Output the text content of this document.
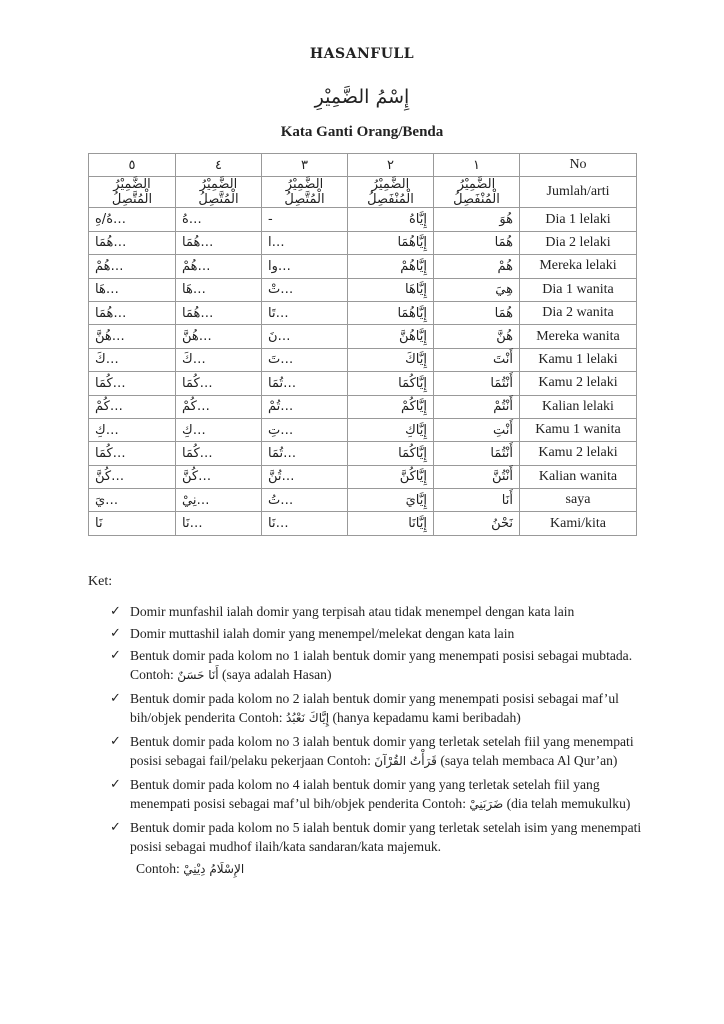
HASANFULL
إِسْمُ الضَّمِيْرِ
Kata Ganti Orang/Benda
٥	٤	٣	٢	١	No
الضَّمِيْرُ الْمُتَّصِلُ	الضَّمِيْرُ الْمُتَّصِلُ	الضَّمِيْرُ الْمُتَّصِلُ	الضَّمِيْرُ الْمُنْفَصِلُ	الضَّمِيْرُ الْمُنْفَصِلُ	Jumlah/arti
…هُ/هِ	…هُ	-	إِيَّاهُ	هُوَ	Dia 1 lelaki
…هُمَا	…هُمَا	…ا	إِيَّاهُمَا	هُمَا	Dia 2 lelaki
…هُمْ	…هُمْ	…وا	إِيَّاهُمْ	هُمْ	Mereka lelaki
…هَا	…هَا	…تْ	إِيَّاهَا	هِيَ	Dia 1 wanita
…هُمَا	…هُمَا	…تَا	إِيَّاهُمَا	هُمَا	Dia 2 wanita
…هُنَّ	…هُنَّ	…نَ	إِيَّاهُنَّ	هُنَّ	Mereka wanita
…كَ	…كَ	…تَ	إِيَّاكَ	أَنْتَ	Kamu 1 lelaki
…كُمَا	…كُمَا	…تُمَا	إِيَّاكُمَا	أَنْتُمَا	Kamu 2 lelaki
…كُمْ	…كُمْ	…تُمْ	إِيَّاكُمْ	أَنْتُمْ	Kalian lelaki
…كِ	…كِ	…تِ	إِيَّاكِ	أَنْتِ	Kamu 1 wanita
…كُمَا	…كُمَا	…تُمَا	إِيَّاكُمَا	أَنْتُمَا	Kamu 2 lelaki
…كُنَّ	…كُنَّ	…تُنَّ	إِيَّاكُنَّ	أَنْتُنَّ	Kalian wanita
…يَ	…نِيْ	…تُ	إِيَّايَ	أَنَا	saya
نَا	…نَا	…نَا	إِيَّانَا	نَحْنُ	Kami/kita
Ket:
✓ Domir munfashil ialah domir yang terpisah atau tidak menempel dengan kata lain
✓ Domir muttashil ialah domir yang menempel/melekat dengan kata lain
✓ Bentuk domir pada kolom no 1 ialah bentuk domir yang menempati posisi sebagai mubtada. Contoh: أَنَا حَسَنٌ (saya adalah Hasan)
✓ Bentuk domir pada kolom no 2 ialah bentuk domir yang menempati posisi sebagai maf’ul bih/objek penderita Contoh: إِيَّاكَ نَعْبُدُ (hanya kepadamu kami beribadah)
✓ Bentuk domir pada kolom no 3 ialah bentuk domir yang terletak setelah fiil yang menempati posisi sebagai fail/pelaku pekerjaan Contoh: قَرَأْتُ القُرْآنَ (saya telah membaca Al Qur’an)
✓ Bentuk domir pada kolom no 4 ialah bentuk domir yang yang terletak setelah fiil yang menempati posisi sebagai maf’ul bih/objek penderita Contoh: ضَرَبَنِيْ (dia telah memukulku)
✓ Bentuk domir pada kolom no 5 ialah bentuk domir yang terletak setelah isim yang menempati posisi sebagai mudhof ilaih/kata sandaran/kata majemuk.
Contoh: الإِسْلَامُ دِيْنِيْ
